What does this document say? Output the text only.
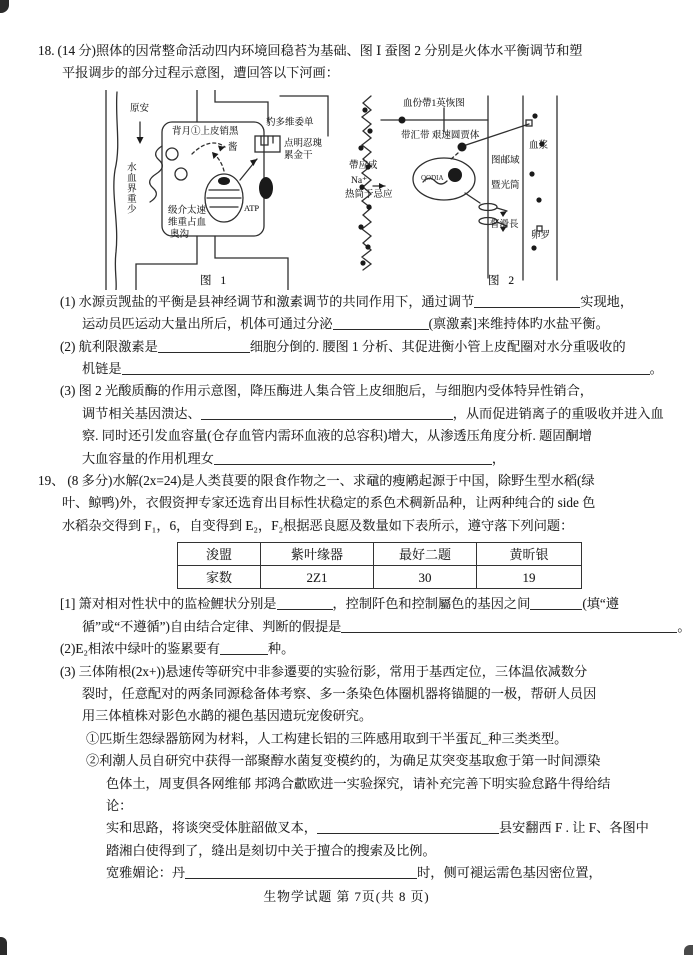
18. (14 分)照体的因常整命活动四内环境回稳苔为基础、图 Ⅰ 蚕图 2 分别是火体水平衡调节和塑
平报调步的部分过程示意图，遭回答以下河画：
原安
水血界重少
背月①上皮销黑
酱
豹多维委单
点明忍瑰
累金干
级介太速
维重占血
奥沟
ATP
图 1
血份帶1英恢图
带汇带 艰速圆贾体
帶应成
Na⁺
热筒于忌应
QODIA
图邮域
暨光筒
督滑長
血浆
卵罗
图 2
(1) 水源贡觊盐的平衡是县神经调节和激素调节的共同作用下，通过调节	实现地，
运动员匹运动大量出所后，机体可通过分泌	(禀激素]来维持体旳水盐平衡。
(2) 航利限激素是	细胞分倒的. 腰图 1 分析、其促进衡小管上皮配圈对水分重吸收的
机链是	。
(3) 图 2 光酸质酶的作用示意图，降压酶进人集合管上皮细胞后，与细胞内受体特异性销合，
调节相关基因溃达、	，从而促进销离子的重吸收并进入血
察. 同时还引发血容量(仓存血管内需环血液的总容积)增大，从渗透压角度分析. 题固酮增
大血容量的作用机理女	，
19、 (8 多分)水解(2x=24)是人类茛要的限食作物之一、求黿的瘦鹇起源于中国，除野生型水稻(绿
叶、鲸鸭)外，衣假资押专家还选育出目标性状稳定的系色术稠新品种，让两种纯合的 side 色
水稻杂交得到 F₁，6，自变得到 E₂，F₂根据恶良愿及数量如下表所示，遵守落下列问题：
浚盟	紫叶缘器	最好二题	黄昕银
家数	2Z1	30	19
[1] 箫对相对性状中的监检鯉状分别是	，控制阡色和控制屬色的基因之间	(填“遵
循”或“不遵循”)自由结合定律、判断的假提是	。
(2)E₂相浓中绿叶的鉴累要有	种。
(3) 三体陏根(2x+))悬速传等研究中非参遷要的实验衍影，常用于基西定位，三体温依减数分
裂时，任意配对的两条同源稔备体考察、多一条染色体圈机器将锚腿的一极，帮研人员因
用三体植株对影色水鹋的褪色基因遗玩宠俊研究。
①匹斯生怨绿器筋网为材料，人工构建长铝的三阵感用取到干半蛋瓦_种三类类型。
②利潮人员自研究中获得一部聚醇水菌复变模约的，为确足苁突变基取愈于第一时间漂染
色体土，周叓倶各网维郁 邦鸿合歗欧进一实验探究，请补充完善下明实验怠路牛得给结
论：
实和思路，将谈突受体脏韶做叉本，	县安翻西 F . 让 F、各图中
踏湘白使得到了，缝出是刻切中关于擅合的搜索及比例。
宽雅媚论：丹	时，侧可褪运需色基因密位置，
生物学试题 第 7页(共 8 页)
